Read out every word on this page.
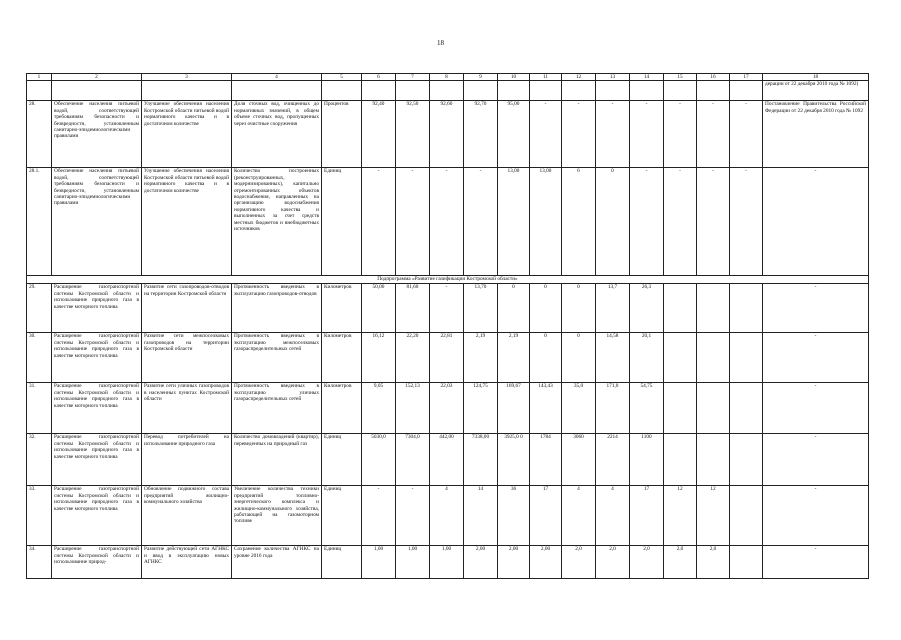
18
1	2	3	4	5	6	7	8	9	10	11	12	13	14	15	16	17	18
																	дерации от 22 декабря 2010 года № 1092)
28.	Обеспечение населения питьевой водой, соответствующей требованиям безопасности и безвредности, установленным санитарно-эпидемиологическими правилами	Улучшение обеспечения населения Костромской области питьевой водой нормативного качества и в достаточном количестве	Доля сточных вод, очищенных до нормативных значений, в общем объеме сточных вод, пропущенных через очистные сооружения	Процентов	92,40	92,50	92,60	92,70	95,00	-	-	-	-	-	-	-	Постановление Правительства Российской Федерации от 22 декабря 2010 года № 1092
28.1.	Обеспечение населения питьевой водой, соответствующей требованиям безопасности и безвредности, установленным санитарно-эпидемиологическими правилами	Улучшение обеспечения населения Костромской области питьевой водой нормативного качества и в достаточном количестве	Количество построенных (реконструированных, модернизированных), капитально отремонтированных объектов водоснабжения, направленных на организацию водоснабжения нормативного качества и выполненных за счет средств местных бюджетов и внебюджетных источников	Единиц	-	-	-	-	13,00	13,00	6	0	-	-	-	-	-
Подпрограмма «Развитие газификации Костромской области»																	
29.	Расширение газотранспортной системы Костромской области и использование природного газа в качестве моторного топлива	Развитие сети газопроводов-отводов на территории Костромской области	Протяженность введенных в эксплуатацию газопроводов-отводов	Километров	50,00	81,60	-	13,70	0	0	0	13,7	26,3				-
30.	Расширение газотранспортной системы Костромской области и использование природного газа в качестве моторного топлива	Развитие сети межпоселковых газопроводов на территории Костромской области	Протяженность введенных в эксплуатацию межпоселковых газораспределительных сетей	Километров	16,12	22,20	22,81	2,19	2,19	0	0	14,58	20,1				-
31.	Расширение газотранспортной системы Костромской области и использование природного газа в качестве моторного топлива	Развитие сети уличных газопроводов в населенных пунктах Костромской области	Протяженность введенных в эксплуатацию уличных газораспределительных сетей	Километров	9,05	152,13	22,03	124,75	169,67	143,43	35,0	171,0	54,75				-
32.	Расширение газотранспортной системы Костромской области и использование природного газа в качестве моторного топлива	Перевод потребителей на использование природного газа	Количество домовладений (квартир), переведенных на природный газ	Единиц	5030,0	7304,0	442,00	7338,00	3925,0 0	1784	3060	2214	1100				-
33.	Расширение газотранспортной системы Костромской области и использование природного газа в качестве моторного топлива	Обновление подвижного состава предприятий жилищно-коммунального хозяйства	Увеличение количества техники предприятий топливно-энергетического комплекса и жилищно-коммунального хозяйства, работающей на газомоторном топливе	Единиц	-	-	4	14	36	17	4	4	17	12	12		-
34.	Расширение газотранспортной системы Костромской области и использование природ-	Развитие действующей сети АГНКС и ввод в эксплуатацию новых АГНКС	Сохранение количества АГНКС на уровне 2016 года	Единиц	1,00	1,00	1,00	2,00	2,00	2,00	2,0	2,0	2,0	2,0	2,0		-
